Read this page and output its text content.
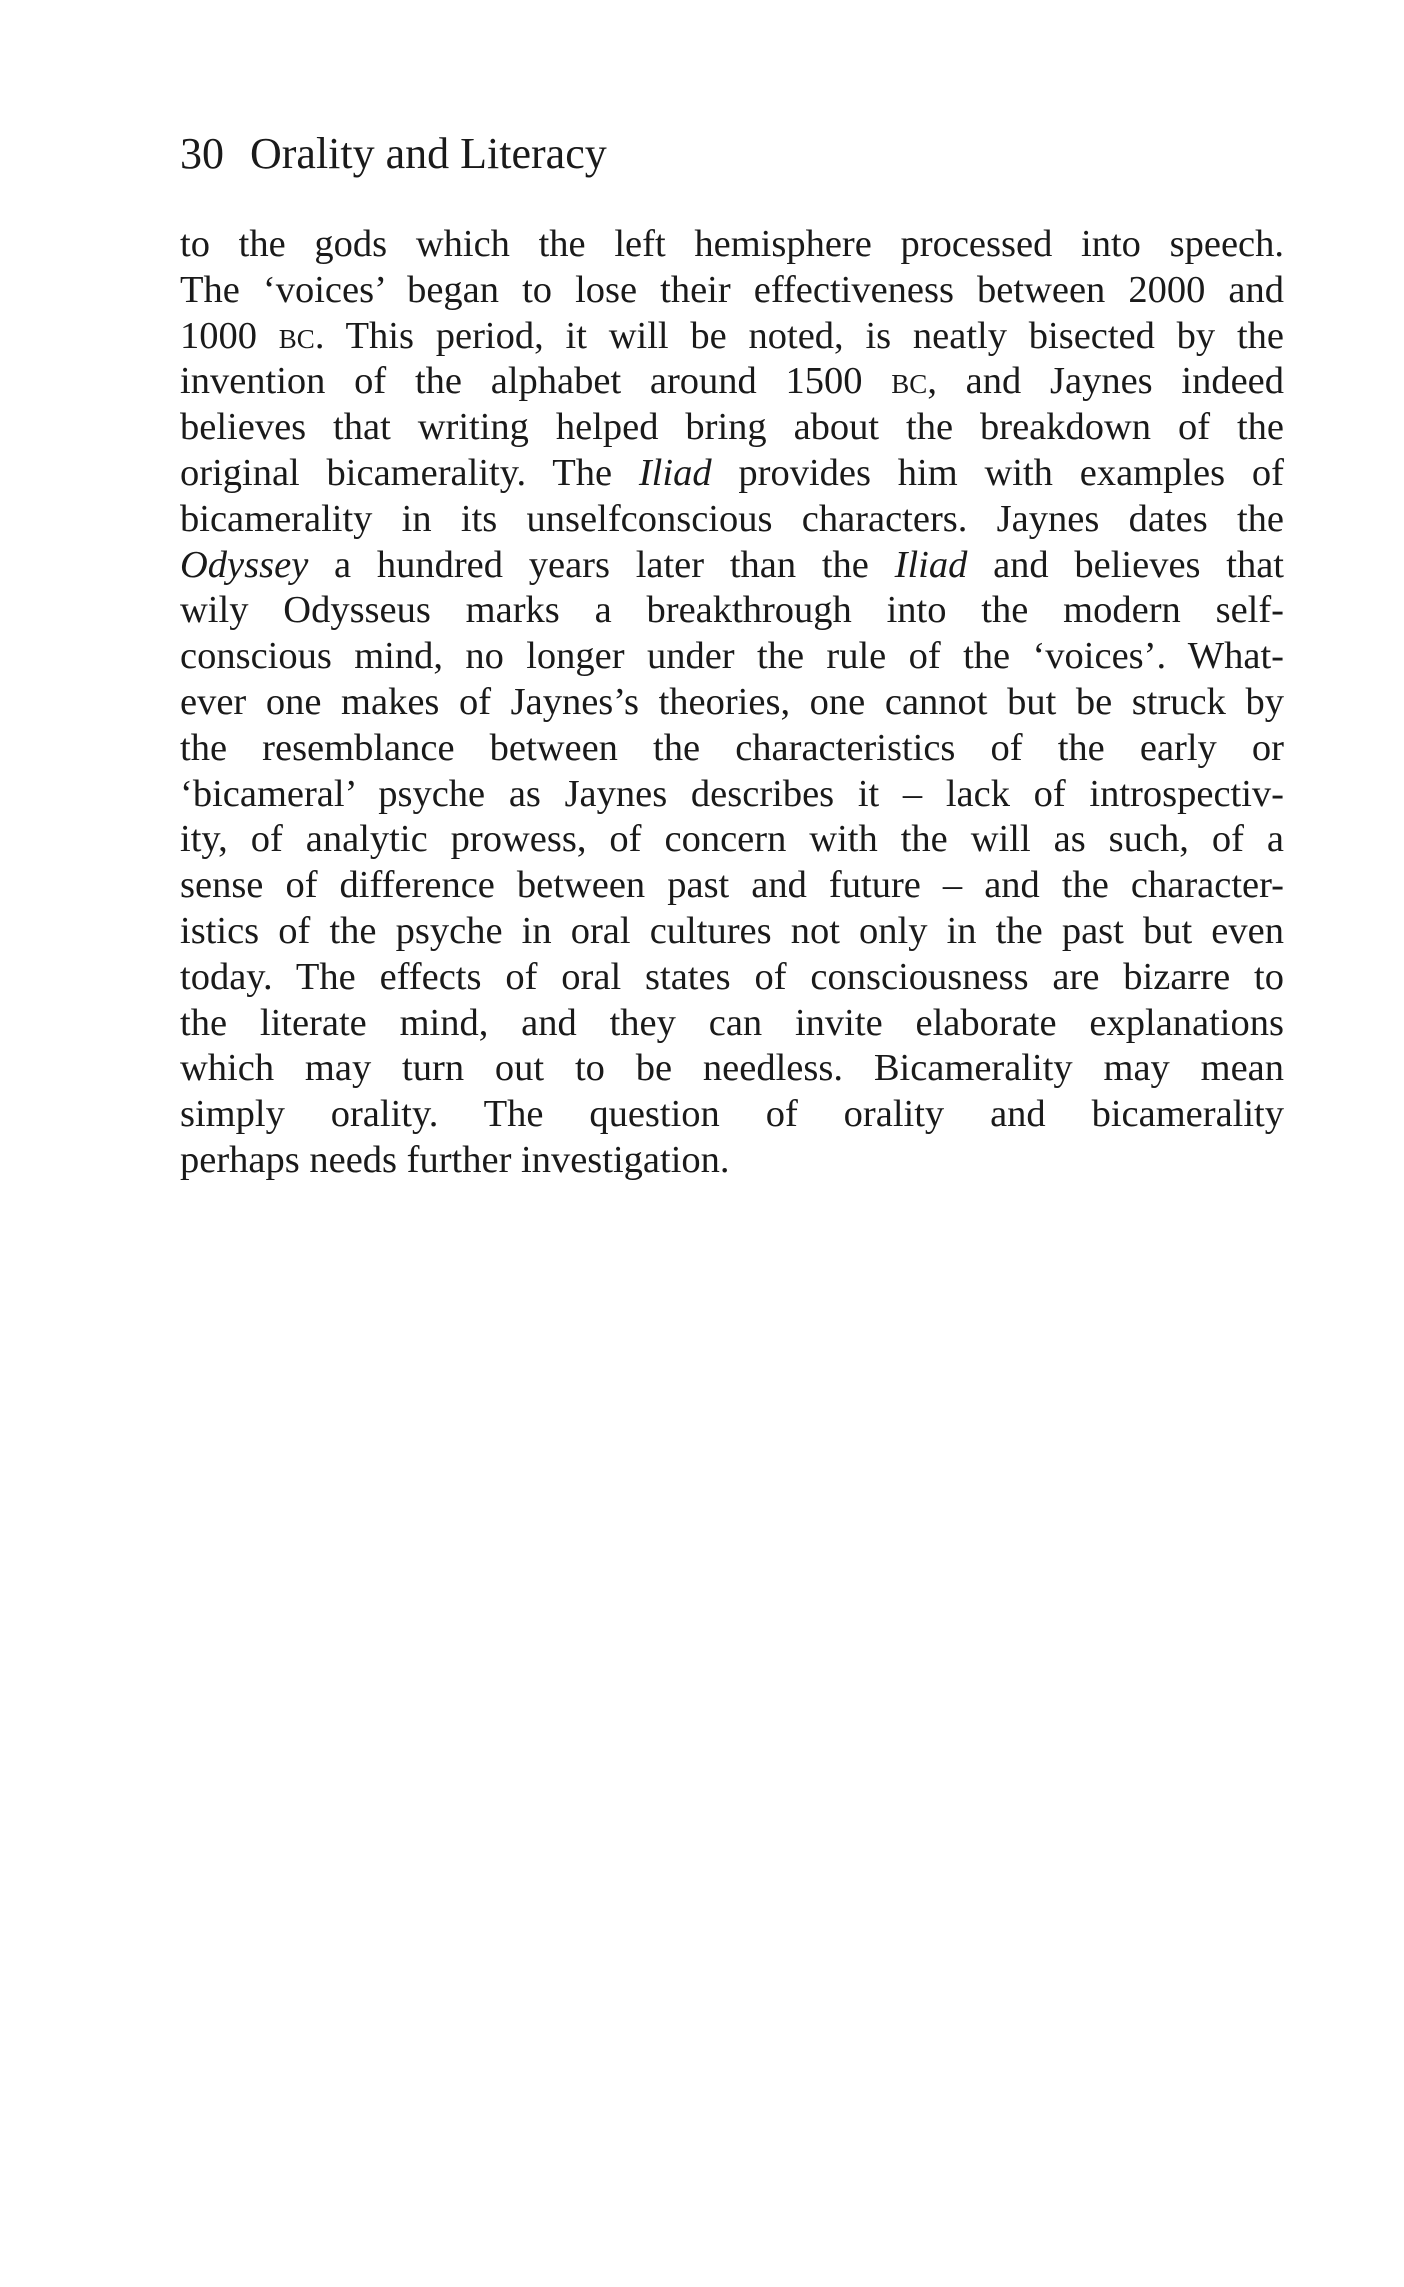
30 Orality and Literacy
to the gods which the left hemisphere processed into speech.
The ‘voices’ began to lose their effectiveness between 2000 and
1000 bc. This period, it will be noted, is neatly bisected by the
invention of the alphabet around 1500 bc, and Jaynes indeed
believes that writing helped bring about the breakdown of the
original bicamerality. The Iliad provides him with examples of
bicamerality in its unselfconscious characters. Jaynes dates the
Odyssey a hundred years later than the Iliad and believes that
wily Odysseus marks a breakthrough into the modern self-
conscious mind, no longer under the rule of the ‘voices’. What-
ever one makes of Jaynes’s theories, one cannot but be struck by
the resemblance between the characteristics of the early or
‘bicameral’ psyche as Jaynes describes it – lack of introspectiv-
ity, of analytic prowess, of concern with the will as such, of a
sense of difference between past and future – and the character-
istics of the psyche in oral cultures not only in the past but even
today. The effects of oral states of consciousness are bizarre to
the literate mind, and they can invite elaborate explanations
which may turn out to be needless. Bicamerality may mean
simply orality. The question of orality and bicamerality
perhaps needs further investigation.
